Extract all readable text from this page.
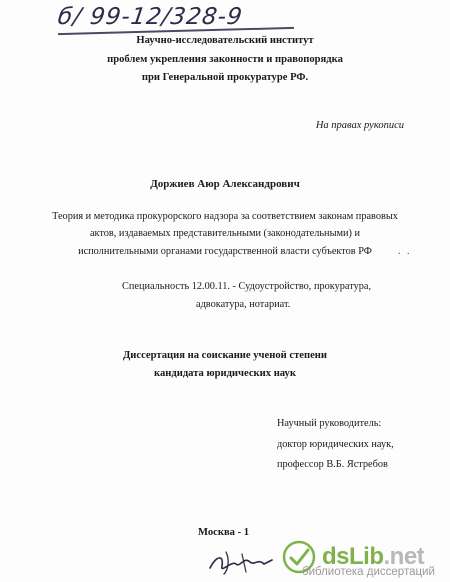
б/ 99-12/328-9
Научно-исследовательский институт
проблем укрепления законности и правопорядка
при Генеральной прокуратуре РФ.
На правах рукописи
Доржиев Аюр Александрович
Теория и методика прокурорского надзора за соответствием законам правовых
актов, издаваемых представительными (законодательными) и
исполнительными органами государственной власти субъектов РФ	. .
Специальность 12.00.11. - Судоустройство, прокуратура,
адвокатура, нотариат.
Диссертация на соискание ученой степени
кандидата юридических наук
Научный руководитель:
доктор юридических наук,
профессор В.Б. Ястребов
Москва - 1
dsLib.net
библиотека диссертаций
